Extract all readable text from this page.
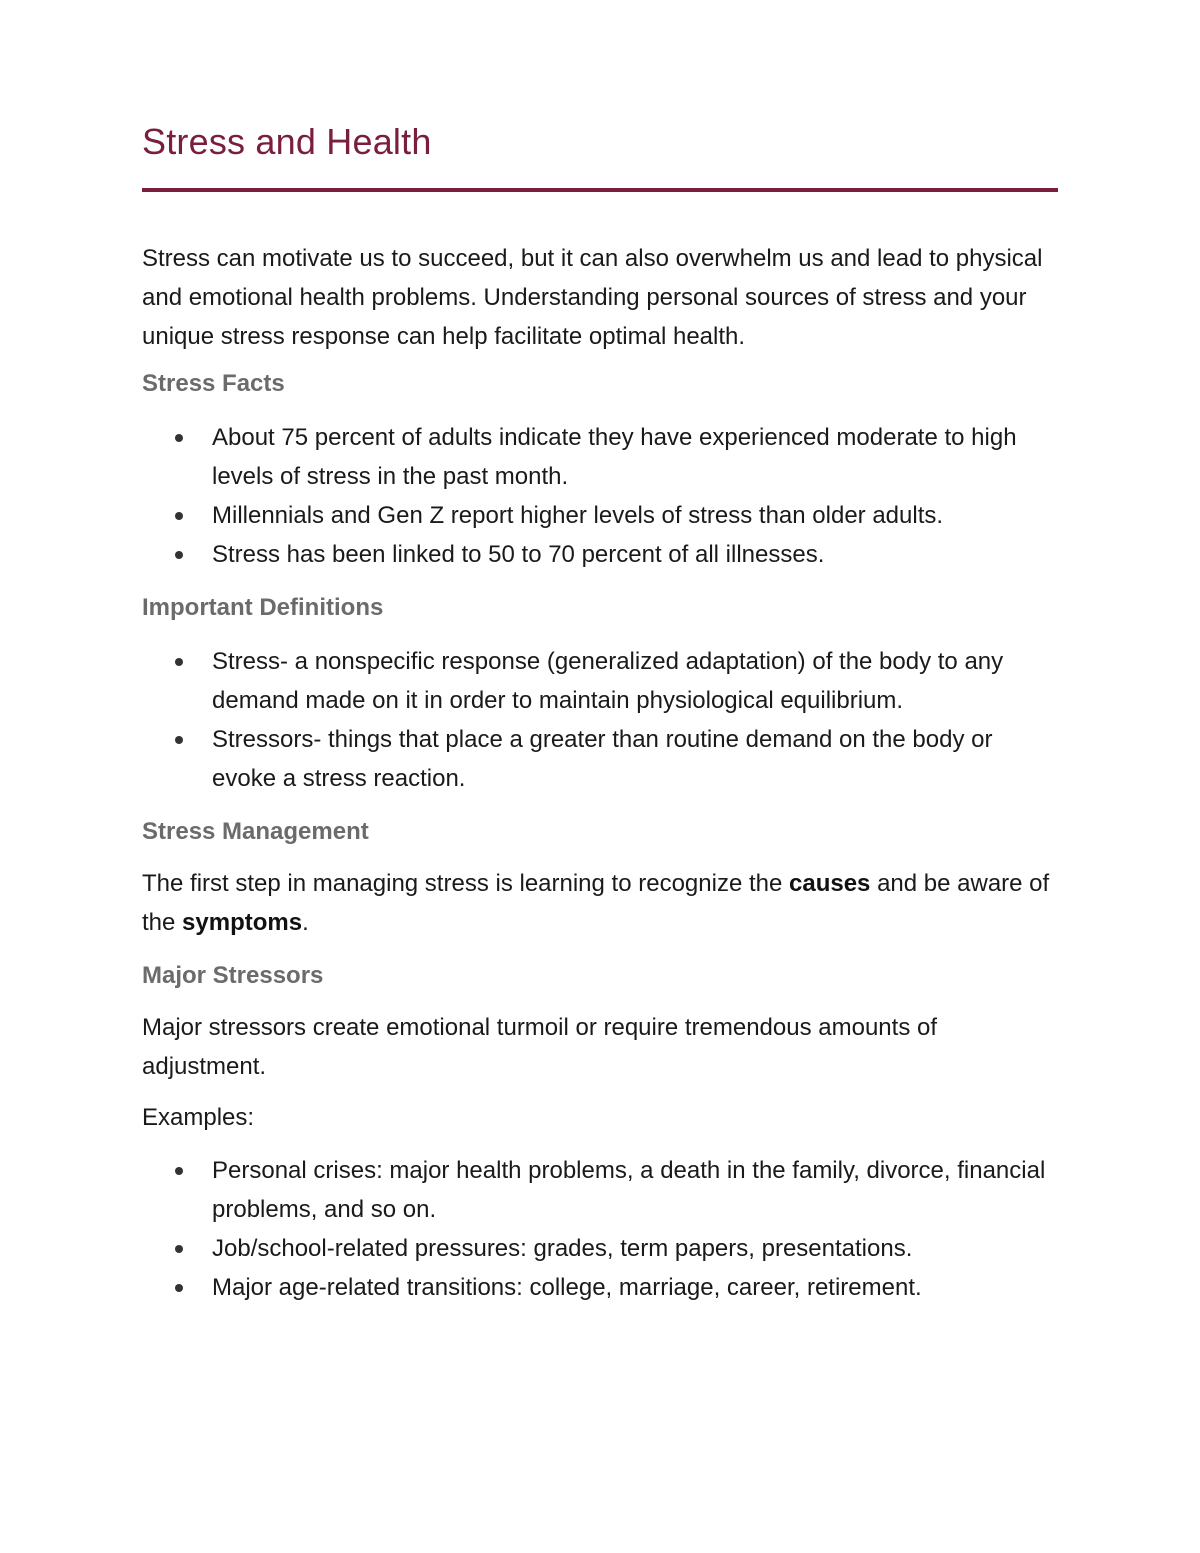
Stress and Health

Stress can motivate us to succeed, but it can also overwhelm us and lead to physical and emotional health problems. Understanding personal sources of stress and your unique stress response can help facilitate optimal health.

Stress Facts
About 75 percent of adults indicate they have experienced moderate to high levels of stress in the past month.
Millennials and Gen Z report higher levels of stress than older adults.
Stress has been linked to 50 to 70 percent of all illnesses.
Important Definitions
Stress- a nonspecific response (generalized adaptation) of the body to any demand made on it in order to maintain physiological equilibrium.
Stressors- things that place a greater than routine demand on the body or evoke a stress reaction.
Stress Management

The first step in managing stress is learning to recognize the causes and be aware of the symptoms.

Major Stressors

Major stressors create emotional turmoil or require tremendous amounts of adjustment.

Examples:

Personal crises: major health problems, a death in the family, divorce, financial problems, and so on.
Job/school-related pressures: grades, term papers, presentations.
Major age-related transitions: college, marriage, career, retirement.
